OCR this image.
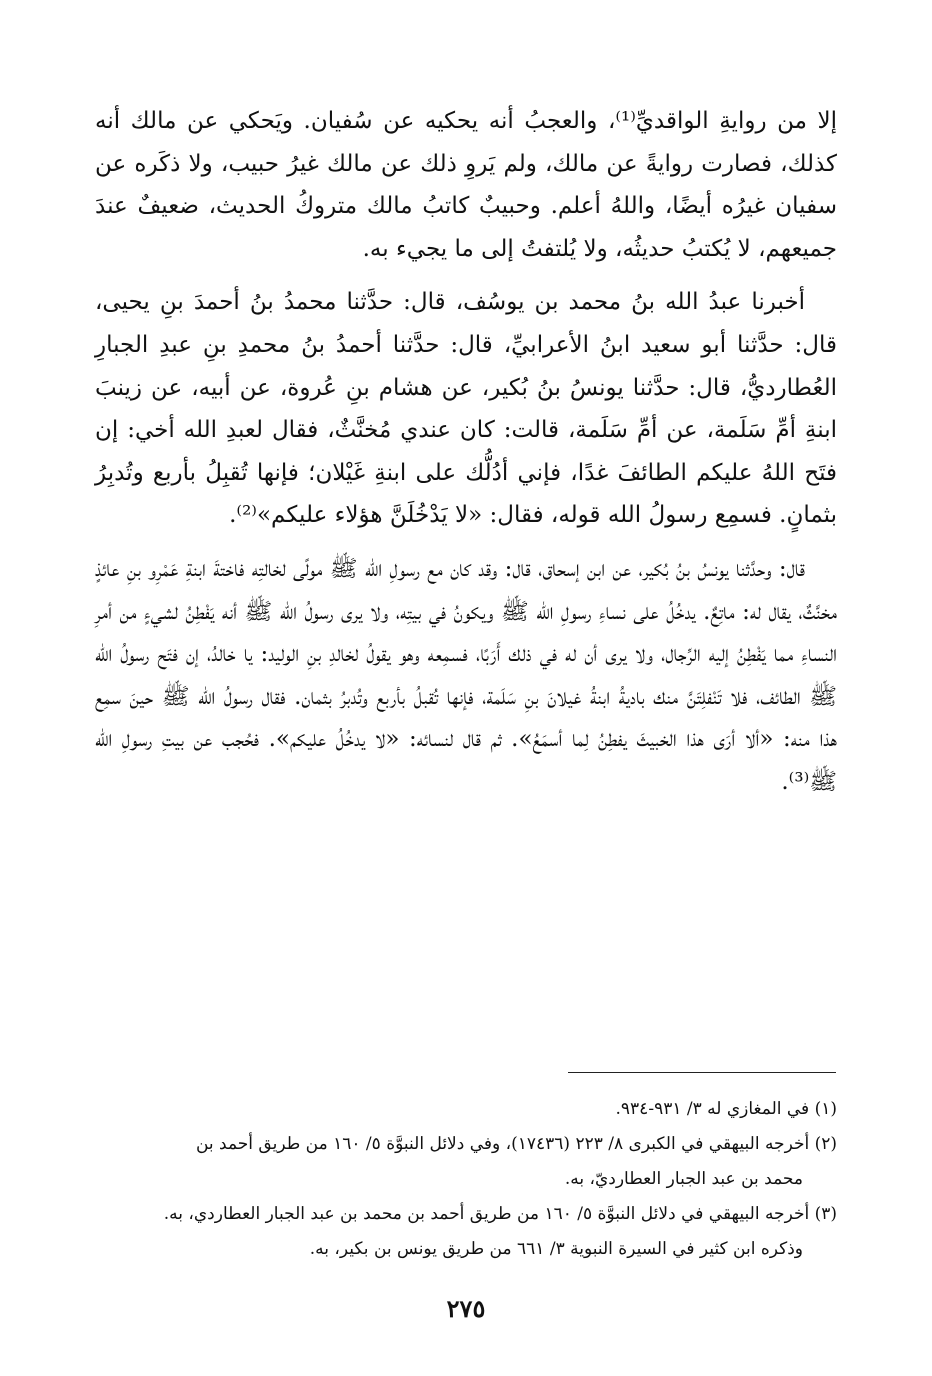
إلا من روايةِ الواقديِّ⁽¹⁾، والعجبُ أنه يحكيه عن سُفيان. ويَحكي عن مالك أنه كذلك، فصارت روايةً عن مالك، ولم يَروِ ذلك عن مالك غيرُ حبيب، ولا ذكَره عن سفيان غيرُه أيضًا، واللهُ أعلم. وحبيبٌ كاتبُ مالك متروكُ الحديث، ضعيفٌ عندَ جميعهم، لا يُكتبُ حديثُه، ولا يُلتفتُ إلى ما يجيء به.

أخبرنا عبدُ الله بنُ محمد بن يوسُف، قال: حدَّثنا محمدُ بنُ أحمدَ بنِ يحيى، قال: حدَّثنا أبو سعيد ابنُ الأعرابيِّ، قال: حدَّثنا أحمدُ بنُ محمدِ بنِ عبدِ الجبارِ العُطارديُّ، قال: حدَّثنا يونسُ بنُ بُكير، عن هشام بنِ عُروة، عن أبيه، عن زينبَ ابنةِ أمِّ سَلَمة، عن أمِّ سَلَمة، قالت: كان عندي مُخنَّثٌ، فقال لعبدِ الله أخي: إن فتَح اللهُ عليكم الطائفَ غدًا، فإني أدُلُّك على ابنةِ غَيْلان؛ فإنها تُقبِلُ بأربع وتُدبِرُ بثمانٍ. فسمِع رسولُ الله قوله، فقال: «لا يَدْخُلَنَّ هؤلاء عليكم»⁽²⁾.

قال: وحدَّثنا يونسُ بنُ بُكير، عن ابن إسحاق، قال: وقد كان مع رسولِ الله ﷺ مولًى لخالتِه فاختةَ ابنةِ عَمْرِو بنِ عائذٍ مخنَّثٌ، يقال له: ماتِعٌ. يدخُلُ على نساءِ رسولِ الله ﷺ ويكونُ في بيتِه، ولا يرى رسولُ الله ﷺ أنه يَفْطِنُ لشيءٍ من أمرِ النساءِ مما يَفْطِنُ إليه الرِّجال، ولا يرى أن له في ذلك أَرَبًا، فسمِعه وهو يقولُ لخالدِ بنِ الوليد: يا خالدُ، إن فتَح رسولُ الله ﷺ الطائف، فلا تَنْفلِتَنَّ منك باديةُ ابنةُ غيلانَ بنِ سَلَمة، فإنها تُقبلُ بأربع وتُدبرُ بثمان. فقال رسولُ الله ﷺ حينَ سمِع هذا منه: «ألا أرَى هذا الخبيثَ يفطِنُ لِما أسمَعُ». ثم قال لنسائه: «لا يدخُلُ عليكم». فحُجب عن بيتِ رسولِ الله ﷺ⁽³⁾.

(١) في المغازي له ٣/ ٩٣١-٩٣٤.

(٢) أخرجه البيهقي في الكبرى ٨/ ٢٢٣ (١٧٤٣٦)، وفي دلائل النبوَّة ٥/ ١٦٠ من طريق أحمد بن

محمد بن عبد الجبار العطارديّ، به.

(٣) أخرجه البيهقي في دلائل النبوَّة ٥/ ١٦٠ من طريق أحمد بن محمد بن عبد الجبار العطاردي، به.

وذكره ابن كثير في السيرة النبوية ٣/ ٦٦١ من طريق يونس بن بكير، به.

٢٧٥
